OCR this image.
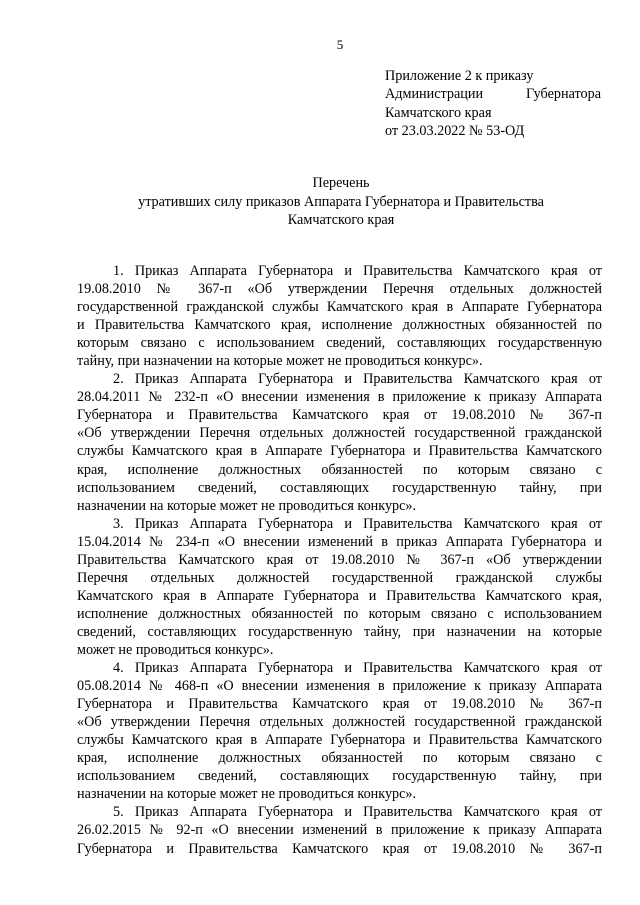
5
Приложение 2 к приказу
Администрации	Губернатора
Камчатского края
от 23.03.2022 № 53-ОД
Перечень
утративших силу приказов Аппарата Губернатора и Правительства
Камчатского края
1. Приказ Аппарата Губернатора и Правительства Камчатского края от
19.08.2010 № 367-п «Об утверждении Перечня отдельных должностей
государственной гражданской службы Камчатского края в Аппарате Губернатора
и Правительства Камчатского края, исполнение должностных обязанностей по
которым связано с использованием сведений, составляющих государственную
тайну, при назначении на которые может не проводиться конкурс».
2. Приказ Аппарата Губернатора и Правительства Камчатского края от
28.04.2011 № 232-п «О внесении изменения в приложение к приказу Аппарата
Губернатора и Правительства Камчатского края от 19.08.2010 № 367-п
«Об утверждении Перечня отдельных должностей государственной гражданской
службы Камчатского края в Аппарате Губернатора и Правительства Камчатского
края, исполнение должностных обязанностей по которым связано с
использованием сведений, составляющих государственную тайну, при
назначении на которые может не проводиться конкурс».
3. Приказ Аппарата Губернатора и Правительства Камчатского края от
15.04.2014 № 234-п «О внесении изменений в приказ Аппарата Губернатора и
Правительства Камчатского края от 19.08.2010 № 367-п «Об утверждении
Перечня отдельных должностей государственной гражданской службы
Камчатского края в Аппарате Губернатора и Правительства Камчатского края,
исполнение должностных обязанностей по которым связано с использованием
сведений, составляющих государственную тайну, при назначении на которые
может не проводиться конкурс».
4. Приказ Аппарата Губернатора и Правительства Камчатского края от
05.08.2014 № 468-п «О внесении изменения в приложение к приказу Аппарата
Губернатора и Правительства Камчатского края от 19.08.2010 № 367-п
«Об утверждении Перечня отдельных должностей государственной гражданской
службы Камчатского края в Аппарате Губернатора и Правительства Камчатского
края, исполнение должностных обязанностей по которым связано с
использованием сведений, составляющих государственную тайну, при
назначении на которые может не проводиться конкурс».
5. Приказ Аппарата Губернатора и Правительства Камчатского края от
26.02.2015 № 92-п «О внесении изменений в приложение к приказу Аппарата
Губернатора и Правительства Камчатского края от 19.08.2010 № 367-п
